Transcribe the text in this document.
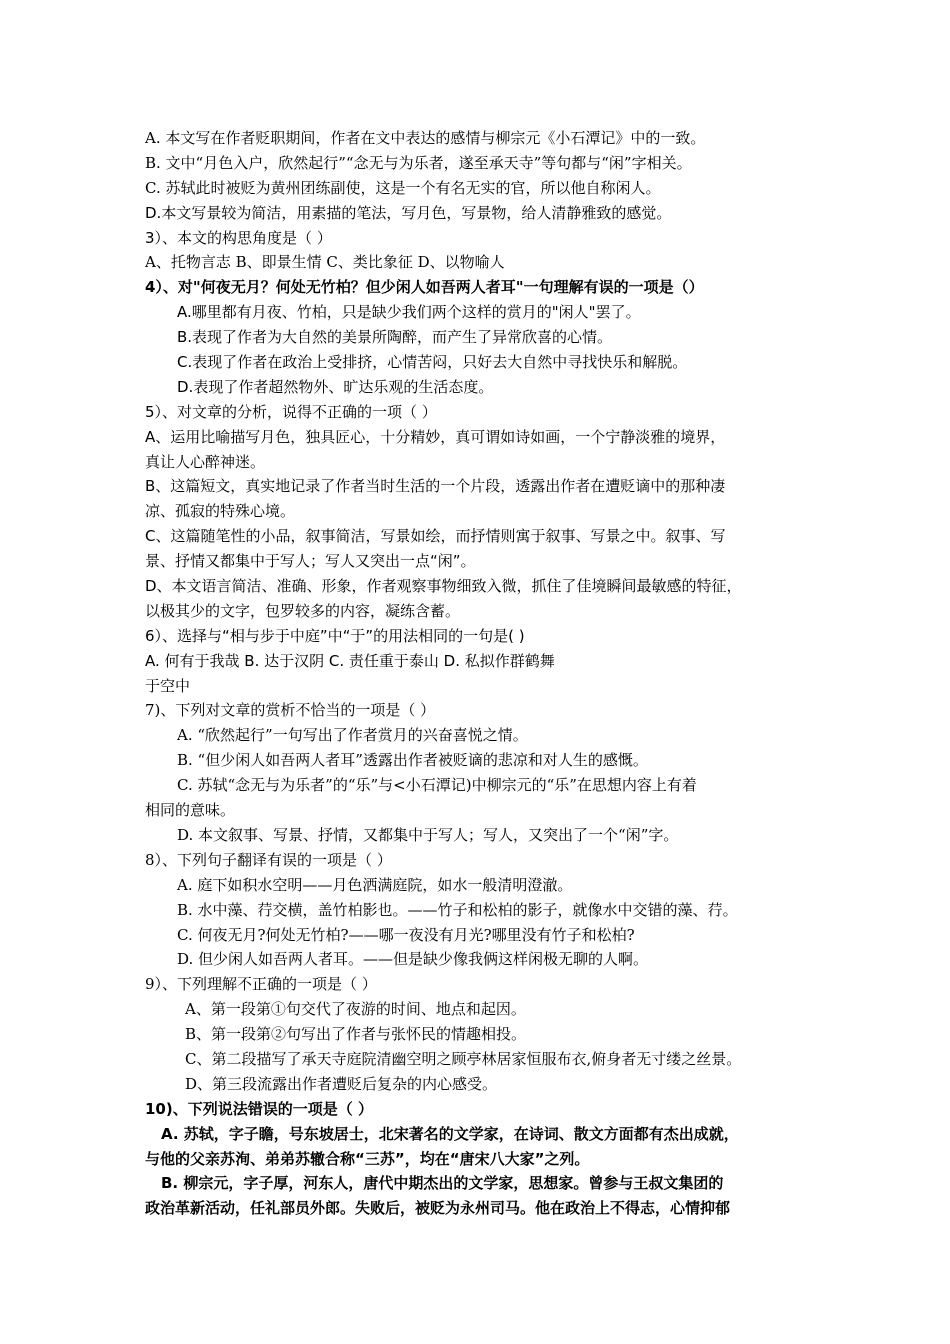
A. 本文写在作者贬职期间，作者在文中表达的感情与柳宗元《小石潭记》中的一致。
B. 文中“月色入户，欣然起行”“念无与为乐者，遂至承天寺”等句都与“闲”字相关。
C. 苏轼此时被贬为黄州团练副使，这是一个有名无实的官，所以他自称闲人。
D.本文写景较为简洁，用素描的笔法，写月色，写景物，给人清静雅致的感觉。
3）、本文的构思角度是（ ）
A、托物言志 B、即景生情 C、类比象征 D、以物喻人
4）、对"何夜无月？何处无竹柏？但少闲人如吾两人者耳"一句理解有误的一项是（）
A.哪里都有月夜、竹柏，只是缺少我们两个这样的赏月的"闲人"罢了。
B.表现了作者为大自然的美景所陶醉，而产生了异常欣喜的心情。
C.表现了作者在政治上受排挤，心情苦闷，只好去大自然中寻找快乐和解脱。
D.表现了作者超然物外、旷达乐观的生活态度。
5）、对文章的分析，说得不正确的一项（ ）
A、运用比喻描写月色，独具匠心，十分精妙，真可谓如诗如画，一个宁静淡雅的境界，
真让人心醉神迷。
B、这篇短文，真实地记录了作者当时生活的一个片段，透露出作者在遭贬谪中的那种凄
凉、孤寂的特殊心境。
C、这篇随笔性的小品，叙事简洁，写景如绘，而抒情则寓于叙事、写景之中。叙事、写
景、抒情又都集中于写人；写人又突出一点“闲”。
D、本文语言简洁、准确、形象，作者观察事物细致入微，抓住了佳境瞬间最敏感的特征，
以极其少的文字，包罗较多的内容，凝练含蓄。
6）、选择与“相与步于中庭”中“于”的用法相同的一句是( )
A. 何有于我哉 B. 达于汉阴 C. 责任重于泰山 D. 私拟作群鹤舞
于空中
7)、下列对文章的赏析不恰当的一项是（ ）
A. “欣然起行”一句写出了作者赏月的兴奋喜悦之情。
B. “但少闲人如吾两人者耳”透露出作者被贬谪的悲凉和对人生的感慨。
C. 苏轼“念无与为乐者”的“乐”与<小石潭记)中柳宗元的“乐”在思想内容上有着
相同的意味。
D. 本文叙事、写景、抒情，又都集中于写人；写人，又突出了一个“闲”字。
8）、下列句子翻译有误的一项是（ ）
A. 庭下如积水空明——月色洒满庭院，如水一般清明澄澈。
B. 水中藻、荇交横，盖竹柏影也。——竹子和松柏的影子，就像水中交错的藻、荇。
C. 何夜无月?何处无竹柏?——哪一夜没有月光?哪里没有竹子和松柏?
D. 但少闲人如吾两人者耳。——但是缺少像我俩这样闲极无聊的人啊。
9）、下列理解不正确的一项是（ ）
A、第一段第①句交代了夜游的时间、地点和起因。
B、第一段第②句写出了作者与张怀民的情趣相投。
C、第二段描写了承天寺庭院清幽空明之顾亭林居家恒服布衣,俯身者无寸缕之丝景。
D、第三段流露出作者遭贬后复杂的内心感受。
10)、下列说法错误的一项是（ ）
A. 苏轼，字子瞻，号东坡居士，北宋著名的文学家，在诗词、散文方面都有杰出成就，
与他的父亲苏洵、弟弟苏辙合称“三苏”，均在“唐宋八大家”之列。
B. 柳宗元，字子厚，河东人，唐代中期杰出的文学家，思想家。曾参与王叔文集团的
政治革新活动，任礼部员外郎。失败后，被贬为永州司马。他在政治上不得志，心情抑郁
